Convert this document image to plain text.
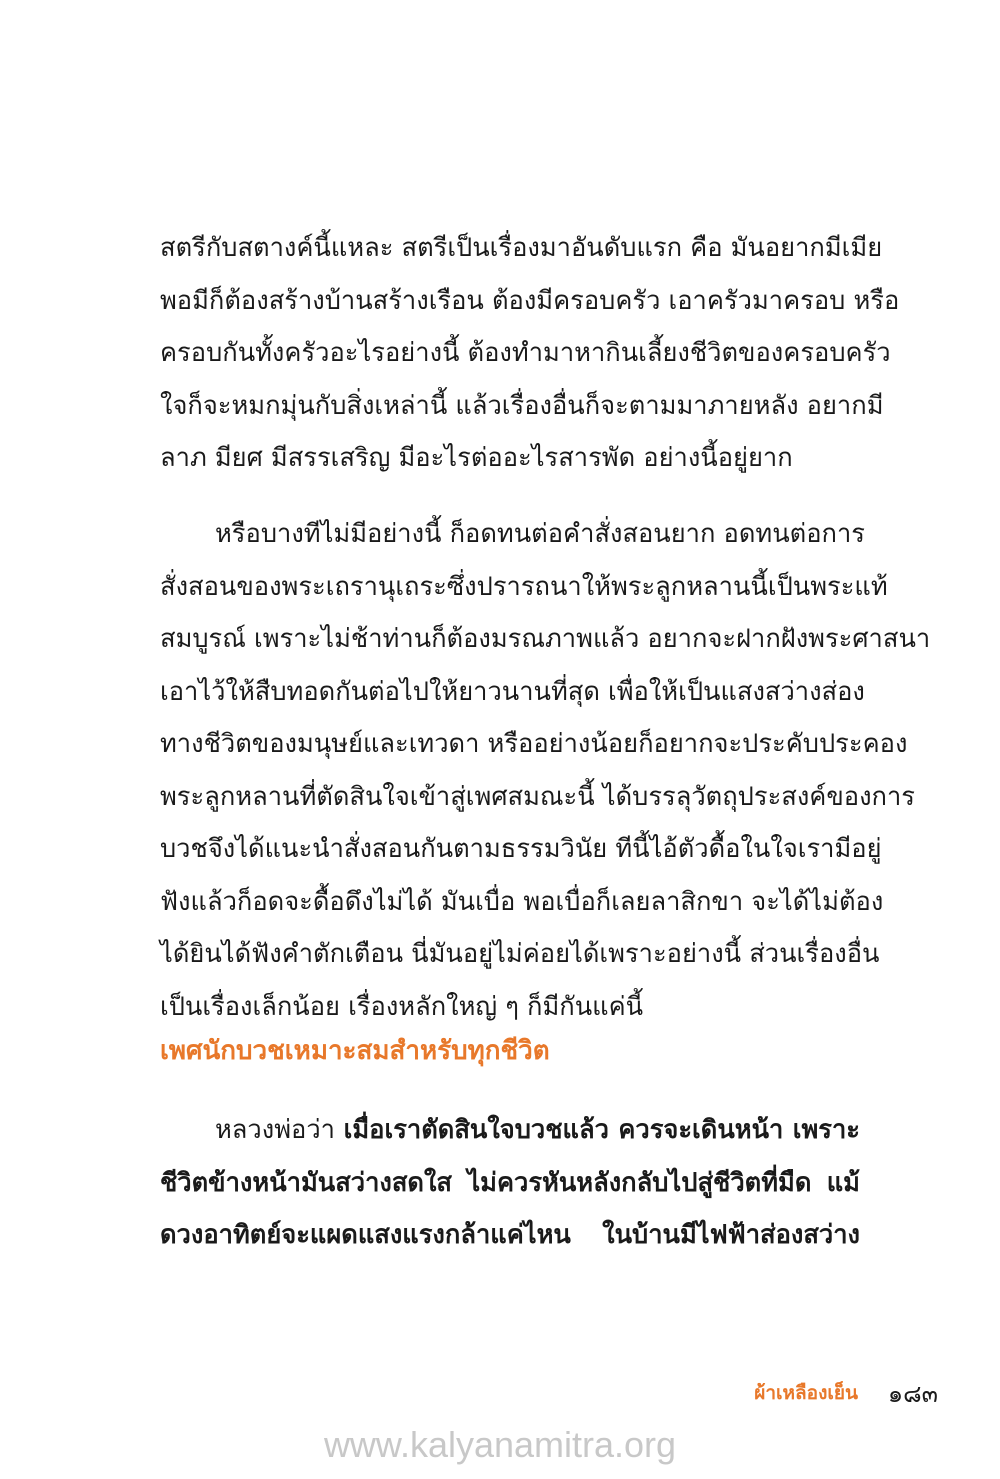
สตรีกับสตางค์นี้แหละ สตรีเป็นเรื่องมาอันดับแรก คือ มันอยากมีเมีย
พอมีก็ต้องสร้างบ้านสร้างเรือน ต้องมีครอบครัว เอาครัวมาครอบ หรือ
ครอบกันทั้งครัวอะไรอย่างนี้ ต้องทำมาหากินเลี้ยงชีวิตของครอบครัว
ใจก็จะหมกมุ่นกับสิ่งเหล่านี้ แล้วเรื่องอื่นก็จะตามมาภายหลัง อยากมี
ลาภ มียศ มีสรรเสริญ มีอะไรต่ออะไรสารพัด อย่างนี้อยู่ยาก
หรือบางทีไม่มีอย่างนี้ ก็อดทนต่อคำสั่งสอนยาก อดทนต่อการ
สั่งสอนของพระเถรานุเถระซึ่งปรารถนาให้พระลูกหลานนี้เป็นพระแท้
สมบูรณ์ เพราะไม่ช้าท่านก็ต้องมรณภาพแล้ว อยากจะฝากฝังพระศาสนา
เอาไว้ให้สืบทอดกันต่อไปให้ยาวนานที่สุด เพื่อให้เป็นแสงสว่างส่อง
ทางชีวิตของมนุษย์และเทวดา หรืออย่างน้อยก็อยากจะประคับประคอง
พระลูกหลานที่ตัดสินใจเข้าสู่เพศสมณะนี้ ได้บรรลุวัตถุประสงค์ของการ
บวชจึงได้แนะนำสั่งสอนกันตามธรรมวินัย ทีนี้ไอ้ตัวดื้อในใจเรามีอยู่
ฟังแล้วก็อดจะดื้อดึงไม่ได้ มันเบื่อ พอเบื่อก็เลยลาสิกขา จะได้ไม่ต้อง
ได้ยินได้ฟังคำตักเตือน นี่มันอยู่ไม่ค่อยได้เพราะอย่างนี้ ส่วนเรื่องอื่น
เป็นเรื่องเล็กน้อย เรื่องหลักใหญ่ ๆ ก็มีกันแค่นี้
เพศนักบวชเหมาะสมสำหรับทุกชีวิต
หลวงพ่อว่า เมื่อเราตัดสินใจบวชแล้ว ควรจะเดินหน้า เพราะ
ชีวิตข้างหน้ามันสว่างสดใส ไม่ควรหันหลังกลับไปสู่ชีวิตที่มืด แม้
ดวงอาทิตย์จะแผดแสงแรงกล้าแค่ไหน ในบ้านมีไฟฟ้าส่องสว่าง
ผ้าเหลืองเย็น ๑๘๓
www.kalyanamitra.org
